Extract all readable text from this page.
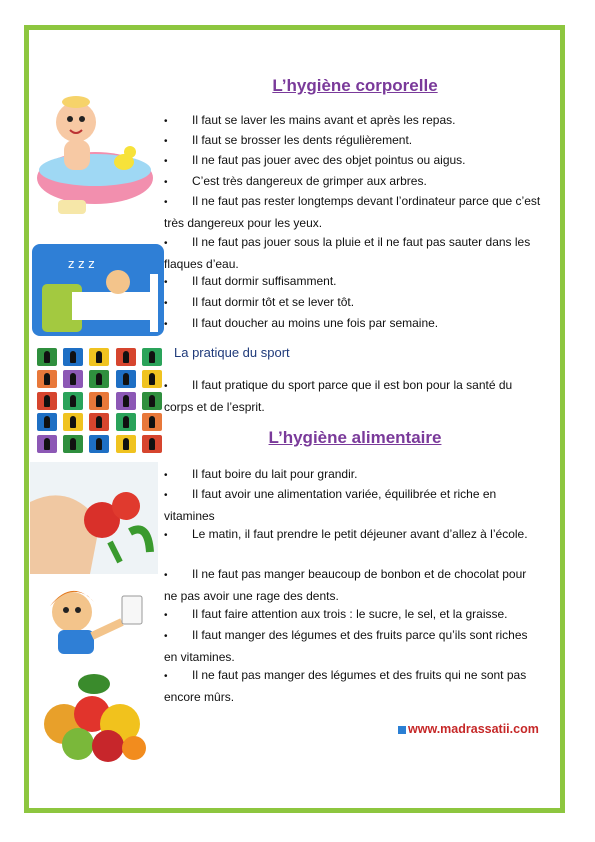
L’hygiène corporelle
• Il faut se laver les mains avant et après les repas.
• Il faut se brosser les dents régulièrement.
• Il ne faut pas jouer avec des objet pointus ou aigus.
• C’est très dangereux de grimper aux arbres.
• Il ne faut pas rester longtemps devant l’ordinateur parce que c’est très dangereux pour les yeux.
• Il ne faut pas jouer sous la pluie et il ne faut pas sauter dans les flaques d’eau.
• Il faut dormir suffisamment.
• Il faut dormir tôt et se lever tôt.
• Il faut doucher au moins une fois par semaine.
La pratique du sport
• Il faut pratique du sport parce que il est bon pour la santé du corps et de l’esprit.
L’hygiène alimentaire
• Il faut boire du lait pour grandir.
• Il faut avoir une alimentation variée, équilibrée et riche en vitamines
• Le matin, il faut prendre le petit déjeuner avant d’allez à l’école.
• Il ne faut pas manger beaucoup de bonbon et de chocolat pour ne pas avoir une rage des dents.
• Il faut faire attention aux trois : le sucre, le sel, et la graisse.
• Il faut manger des légumes et des fruits parce qu’ils sont riches en vitamines.
• Il ne faut pas manger des légumes et des fruits qui ne sont pas encore mûrs.
z z z
www.madrassatii.com
